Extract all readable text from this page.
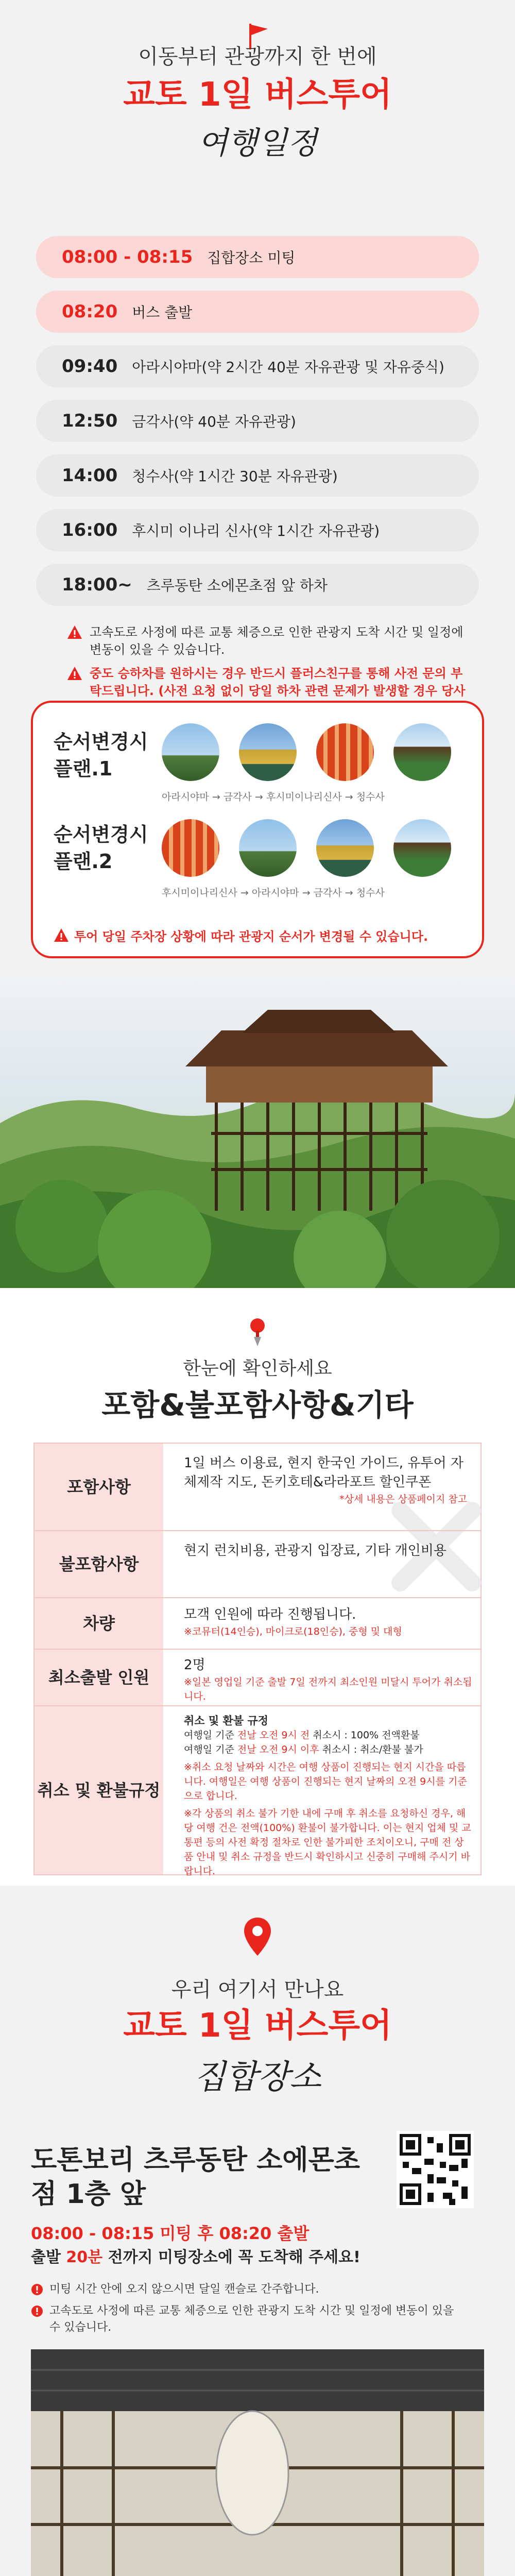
이동부터 관광까지 한 번에
교토 1일 버스투어
여행일정
08:00 - 08:15 집합장소 미팅
08:20 버스 출발
09:40 아라시야마(약 2시간 40분 자유관광 및 자유중식)
12:50 금각사(약 40분 자유관광)
14:00 청수사(약 1시간 30분 자유관광)
16:00 후시미 이나리 신사(약 1시간 자유관광)
18:00~ 츠루동탄 소에몬초점 앞 하차
고속도로 사정에 따른 교통 체증으로 인한 관광지 도착 시간 및 일정에 변동이 있을 수 있습니다.
중도 승하차를 원하시는 경우 반드시 플러스친구를 통해 사전 문의 부탁드립니다. (사전 요청 없이 당일 하차 관련 문제가 발생할 경우 당사
순서변경시 플랜.1
아라시야마 → 금각사 → 후시미이나리신사 → 청수사
순서변경시 플랜.2
후시미이나리신사 → 아라시야마 → 금각사 → 청수사
투어 당일 주차장 상황에 따라 관광지 순서가 변경될 수 있습니다.
한눈에 확인하세요
포함&불포함사항&기타
포함사항
1일 버스 이용료, 현지 한국인 가이드, 유투어 자체제작 지도, 돈키호테&라라포트 할인쿠폰
*상세 내용은 상품페이지 참고
불포함사항
현지 런치비용, 관광지 입장료, 기타 개인비용
차량	모객 인원에 따라 진행됩니다.
※코뮤터(14인승), 마이크로(18인승), 중형 및 대형
최소출발 인원
2명
※일본 영업일 기준 출발 7일 전까지 최소인원 미달시 투어가 취소됩니다.
취소 및 환불규정
취소 및 환불 규정
여행일 기준 전날 오전 9시 전 취소시 : 100% 전액환불
여행일 기준 전날 오전 9시 이후 취소시 : 취소/환불 불가
※취소 요청 날짜와 시간은 여행 상품이 진행되는 현지 시간을 따릅니다. 여행일은 여행 상품이 진행되는 현지 날짜의 오전 9시를 기준으로 합니다.
※각 상품의 취소 불가 기한 내에 구매 후 취소를 요청하신 경우, 해당 여행 건은 전액(100%) 환불이 불가합니다. 이는 현지 업체 및 교통편 등의 사전 확정 절차로 인한 불가피한 조치이오니, 구매 전 상품 안내 및 취소 규정을 반드시 확인하시고 신중히 구매해 주시기 바랍니다.
우리 여기서 만나요
교토 1일 버스투어
집합장소
도톤보리 츠루동탄 소에몬초점 1층 앞
08:00 - 08:15 미팅 후 08:20 출발
출발 20분 전까지 미팅장소에 꼭 도착해 주세요!
미팅 시간 안에 오지 않으시면 달일 캔슬로 간주합니다.
고속도로 사정에 따른 교통 체증으로 인한 관광지 도착 시간 및 일정에 변동이 있을 수 있습니다.
